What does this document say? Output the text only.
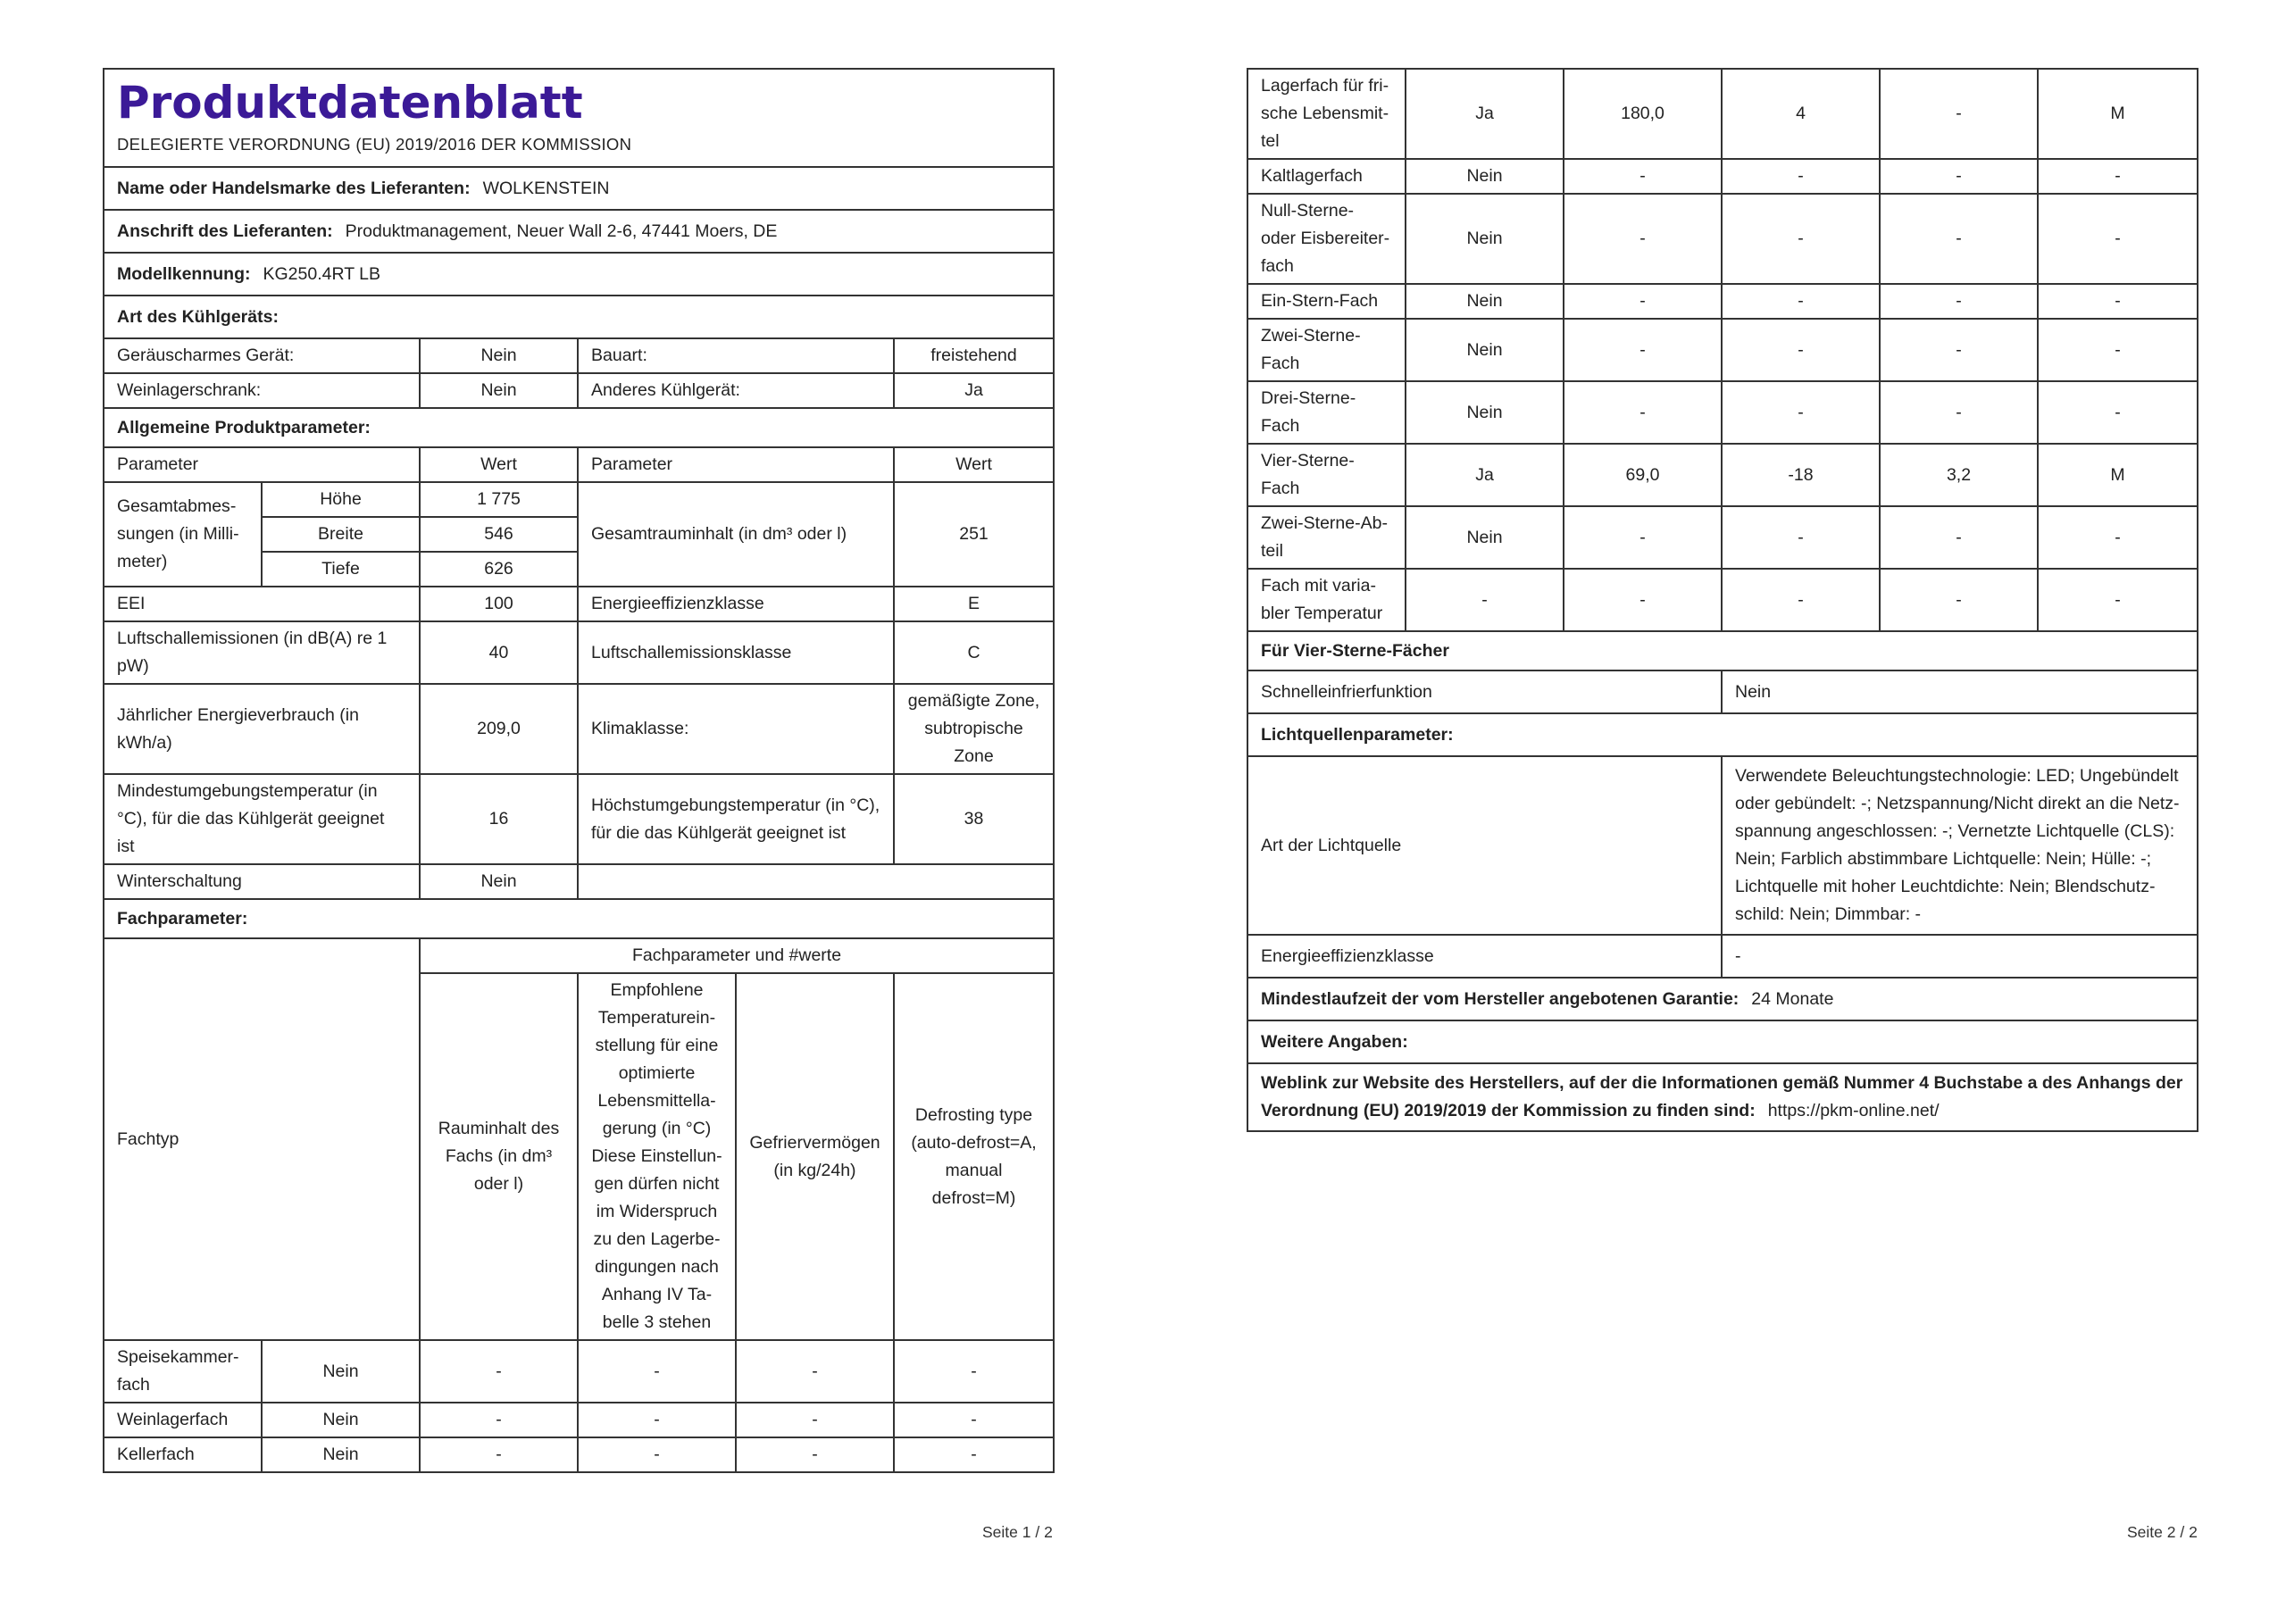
Produktdatenblatt
DELEGIERTE VERORDNUNG (EU) 2019/2016 DER KOMMISSION					

Name oder Handelsmarke des Lieferanten: WOLKENSTEIN					
Anschrift des Lieferanten: Produktmanagement, Neuer Wall 2-6, 47441 Moers, DE					
Modellkennung: KG250.4RT LB					
Art des Kühlgeräts:					
Geräuscharmes Gerät:		Nein	Bauart:		freistehend
Weinlagerschrank:		Nein	Anderes Kühlgerät:		Ja
Allgemeine Produktparameter:					
Parameter		Wert	Parameter		Wert
Gesamtabmessungen (in Millimeter)	Höhe	1 775	Gesamtrauminhalt (in dm³ oder l)		251
	Breite	546			
	Tiefe	626			
EEI		100	Energieeffizienzklasse		E
Luftschallemissionen (in dB(A) re 1 pW)		40	Luftschallemissionsklasse		C
Jährlicher Energieverbrauch (in kWh/a)		209,0	Klimaklasse:		gemäßigte Zone, subtropische Zone
Mindestumgebungstemperatur (in °C), für die das Kühlgerät geeignet ist		16	Höchstumgebungstemperatur (in °C), für die das Kühlgerät geeignet ist		38
Winterschaltung		Nein			
Fachparameter:					
Fachtyp		Fachparameter und #werte			
		Rauminhalt des Fachs (in dm³ oder l)	Empfohlene Temperatureinstellung für eine optimierte Lebensmittellagerung (in °C) Diese Einstellungen dürfen nicht im Widerspruch zu den Lagerbedingungen nach Anhang IV Tabelle 3 stehen	Gefriervermögen (in kg/24h)	Defrosting type (auto-defrost=A, manual defrost=M)
Speisekammerfach	Nein	-	-	-	-
Weinlagerfach	Nein	-	-	-	-
Kellerfach	Nein	-	-	-	-
Seite 1 / 2
Lagerfach für frische Lebensmittel	Ja	180,0	4	-	M
Kaltlagerfach	Nein	-	-	-	-
Null-Sterne- oder Eisbereiterfach	Nein	-	-	-	-
Ein-Stern-Fach	Nein	-	-	-	-
Zwei-Sterne-Fach	Nein	-	-	-	-
Drei-Sterne-Fach	Nein	-	-	-	-
Vier-Sterne-Fach	Ja	69,0	-18	3,2	M
Zwei-Sterne-Abteil	Nein	-	-	-	-
Fach mit variabler Temperatur	-	-	-	-	-
Für Vier-Sterne-Fächer					
Schnelleinfrierfunktion			Nein		
Lichtquellenparameter:					
Art der Lichtquelle			Verwendete Beleuchtungstechnologie: LED; Ungebündelt oder gebündelt: -; Netzspannung/Nicht direkt an die Netzspannung angeschlossen: -; Vernetzte Lichtquelle (CLS): Nein; Farblich abstimmbare Lichtquelle: Nein; Hülle: -; Lichtquelle mit hoher Leuchtdichte: Nein; Blendschutzschild: Nein; Dimmbar: -		
Energieeffizienzklasse			-		
Mindestlaufzeit der vom Hersteller angebotenen Garantie: 24 Monate					
Weitere Angaben:					
Weblink zur Website des Herstellers, auf der die Informationen gemäß Nummer 4 Buchstabe a des Anhangs der Verordnung (EU) 2019/2019 der Kommission zu finden sind: https://pkm-online.net/					
Seite 2 / 2
